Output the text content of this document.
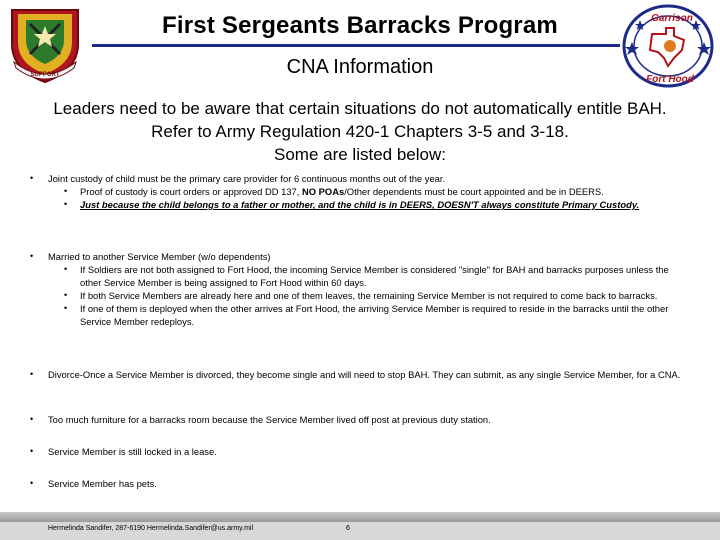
SUPPORT
First Sergeants Barracks Program
CNA Information
Garrison
Fort Hood
Leaders need to be aware that certain situations do not automatically entitle BAH.
Refer to Army Regulation 420-1 Chapters 3-5 and 3-18.
Some are listed below:
• Joint custody of child must be the primary care provider for 6 continuous months out of the year.
• Proof of custody is court orders or approved DD 137, NO POAs/Other dependents must be court appointed and be in DEERS.
• Just because the child belongs to a father or mother, and the child is in DEERS, DOESN'T always constitute Primary Custody.
• Married to another Service Member (w/o dependents)
• If Soldiers are not both assigned to Fort Hood, the incoming Service Member is considered "single" for BAH and barracks purposes unless the other Service Member is being assigned to Fort Hood within 60 days.
• If both Service Members are already here and one of them leaves, the remaining Service Member is not required to come back to barracks.
• If one of them is deployed when the other arrives at Fort Hood, the arriving Service Member is required to reside in the barracks until the other Service Member redeploys.
• Divorce-Once a Service Member is divorced, they become single and will need to stop BAH. They can submit, as any single Service Member, for a CNA.
• Too much furniture for a barracks room because the Service Member lived off post at previous duty station.
• Service Member is still locked in a lease.
• Service Member has pets.
Hermelinda Sandifer, 287-6190 Hermelinda.Sandifer@us.army.mil	6
